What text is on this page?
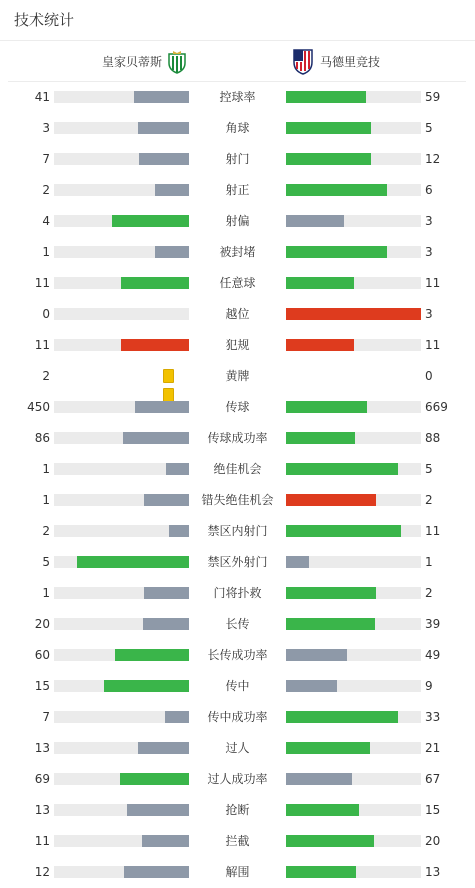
技术统计
皇家贝蒂斯	马德里竞技
41	控球率	59
3	角球	5
7	射门	12
2	射正	6
4	射偏	3
1	被封堵	3
11	任意球	11
0	越位	3
11	犯规	11
2	黄牌	0
450	传球	669
86	传球成功率	88
1	绝佳机会	5
1	错失绝佳机会	2
2	禁区内射门	11
5	禁区外射门	1
1	门将扑救	2
20	长传	39
60	长传成功率	49
15	传中	9
7	传中成功率	33
13	过人	21
69	过人成功率	67
13	抢断	15
11	拦截	20
12	解围	13
